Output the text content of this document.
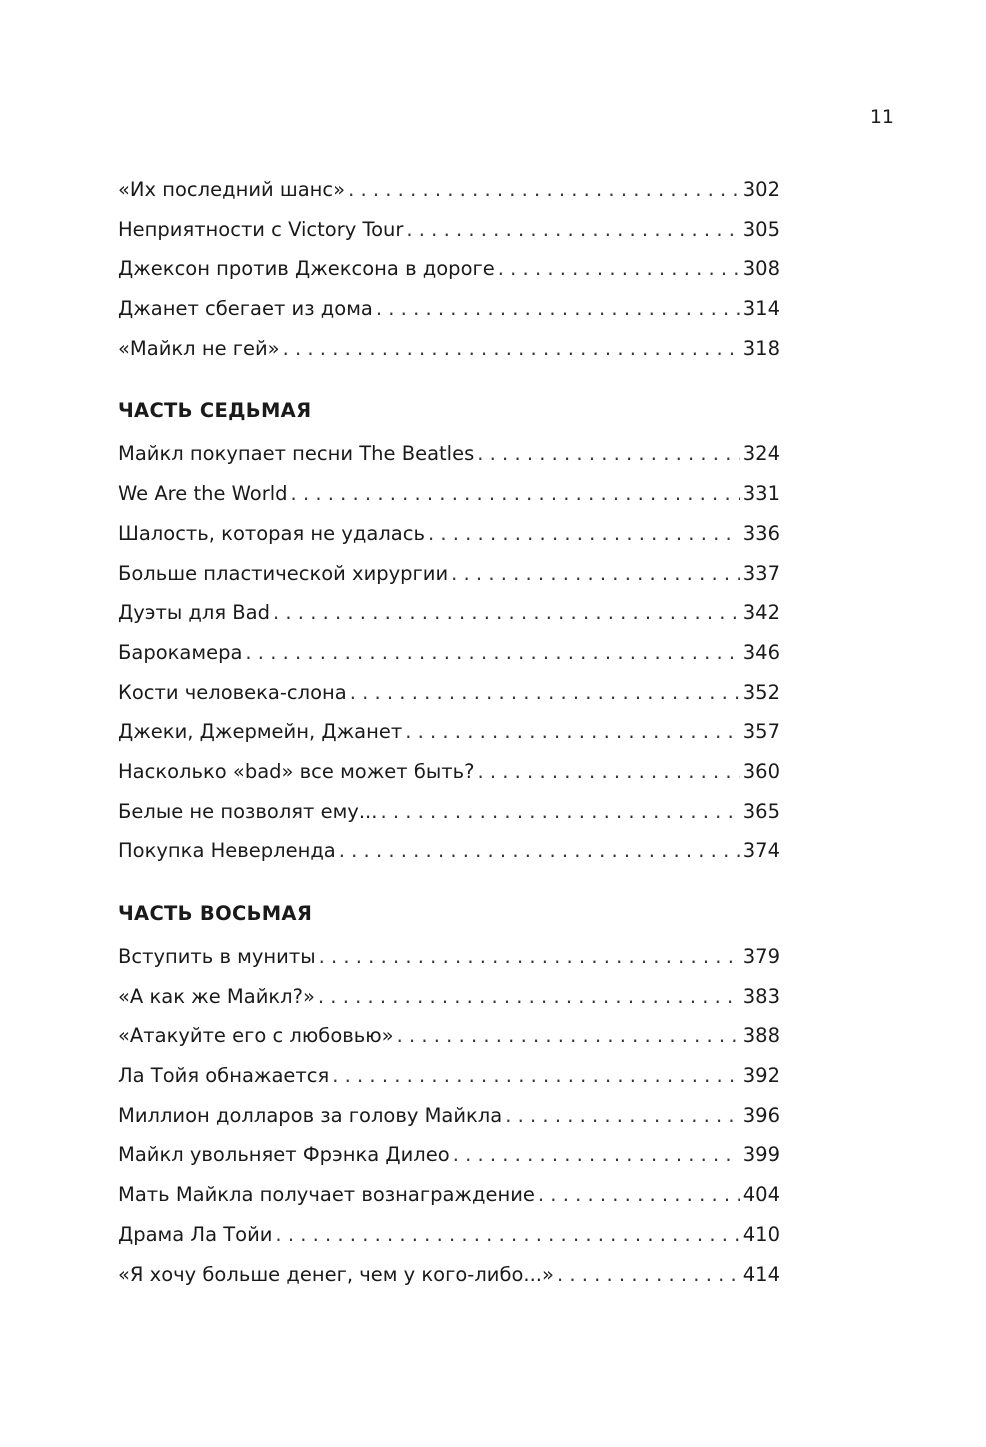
11
«Их последний шанс» . . .	302
Неприятности с Victory Tour . . .	305
Джексон против Джексона в дороге . . .	308
Джанет сбегает из дома . . .	314
«Майкл не гей» . . .	318
ЧАСТЬ СЕДЬМАЯ
Майкл покупает песни The Beatles . . .	324
We Are the World . . .	331
Шалость, которая не удалась . . .	336
Больше пластической хирургии . . .	337
Дуэты для Bad . . .	342
Барокамера . . .	346
Кости человека-слона . . .	352
Джеки, Джермейн, Джанет . . .	357
Насколько «bad» все может быть? . . .	360
Белые не позволят ему... . . .	365
Покупка Неверленда . . .	374
ЧАСТЬ ВОСЬМАЯ
Вступить в муниты . . .	379
«А как же Майкл?» . . .	383
«Атакуйте его с любовью» . . .	388
Ла Тойя обнажается . . .	392
Миллион долларов за голову Майкла . . .	396
Майкл увольняет Фрэнка Дилео . . .	399
Мать Майкла получает вознаграждение . . .	404
Драма Ла Тойи . . .	410
«Я хочу больше денег, чем у кого-либо...» . . .	414
